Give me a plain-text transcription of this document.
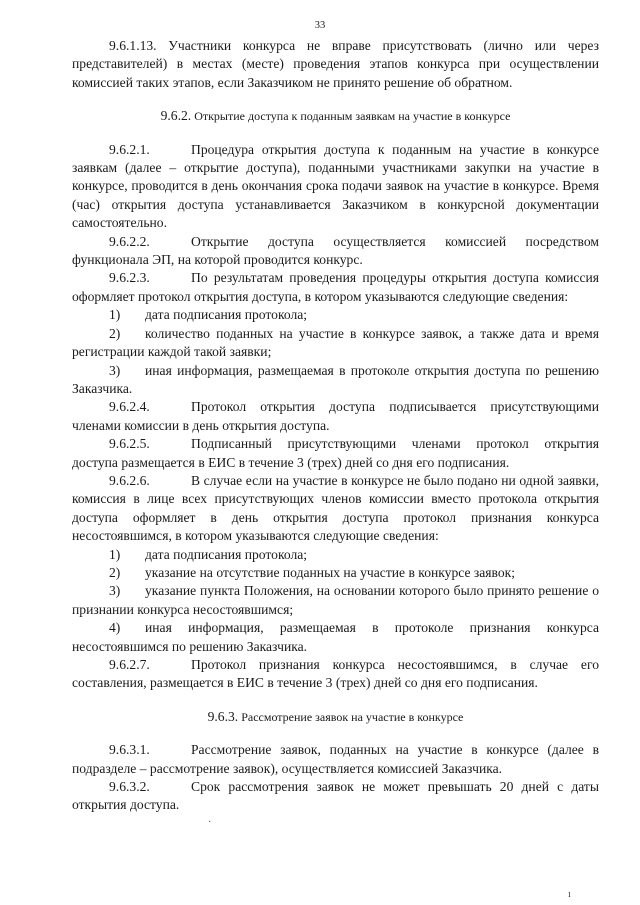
33

9.6.1.13. Участники конкурса не вправе присутствовать (лично или через представителей) в местах (месте) проведения этапов конкурса при осуществлении комиссией таких этапов, если Заказчиком не принято решение об обратном.

9.6.2. Открытие доступа к поданным заявкам на участие в конкурсе

9.6.2.1.	Процедура открытия доступа к поданным на участие в конкурсе заявкам (далее – открытие доступа), поданными участниками закупки на участие в конкурсе, проводится в день окончания срока подачи заявок на участие в конкурсе. Время (час) открытия доступа устанавливается Заказчиком в конкурсной документации самостоятельно.

9.6.2.2.	Открытие доступа осуществляется комиссией посредством функционала ЭП, на которой проводится конкурс.

9.6.2.3.	По результатам проведения процедуры открытия доступа комиссия оформляет протокол открытия доступа, в котором указываются следующие сведения:

1) дата подписания протокола;

2) количество поданных на участие в конкурсе заявок, а также дата и время регистрации каждой такой заявки;

3) иная информация, размещаемая в протоколе открытия доступа по решению Заказчика.

9.6.2.4.	Протокол открытия доступа подписывается присутствующими членами комиссии в день открытия доступа.

9.6.2.5.	Подписанный присутствующими членами протокол открытия доступа размещается в ЕИС в течение 3 (трех) дней со дня его подписания.

9.6.2.6.	В случае если на участие в конкурсе не было подано ни одной заявки, комиссия в лице всех присутствующих членов комиссии вместо протокола открытия доступа оформляет в день открытия доступа протокол признания конкурса несостоявшимся, в котором указываются следующие сведения:

1) дата подписания протокола;

2) указание на отсутствие поданных на участие в конкурсе заявок;

3) указание пункта Положения, на основании которого было принято решение о признании конкурса несостоявшимся;

4) иная информация, размещаемая в протоколе признания конкурса несостоявшимся по решению Заказчика.

9.6.2.7.	Протокол признания конкурса несостоявшимся, в случае его составления, размещается в ЕИС в течение 3 (трех) дней со дня его подписания.

9.6.3. Рассмотрение заявок на участие в конкурсе

9.6.3.1.	Рассмотрение заявок, поданных на участие в конкурсе (далее в подразделе – рассмотрение заявок), осуществляется комиссией Заказчика.

9.6.3.2.	Срок рассмотрения заявок не может превышать 20 дней с даты открытия доступа.

·
ı
